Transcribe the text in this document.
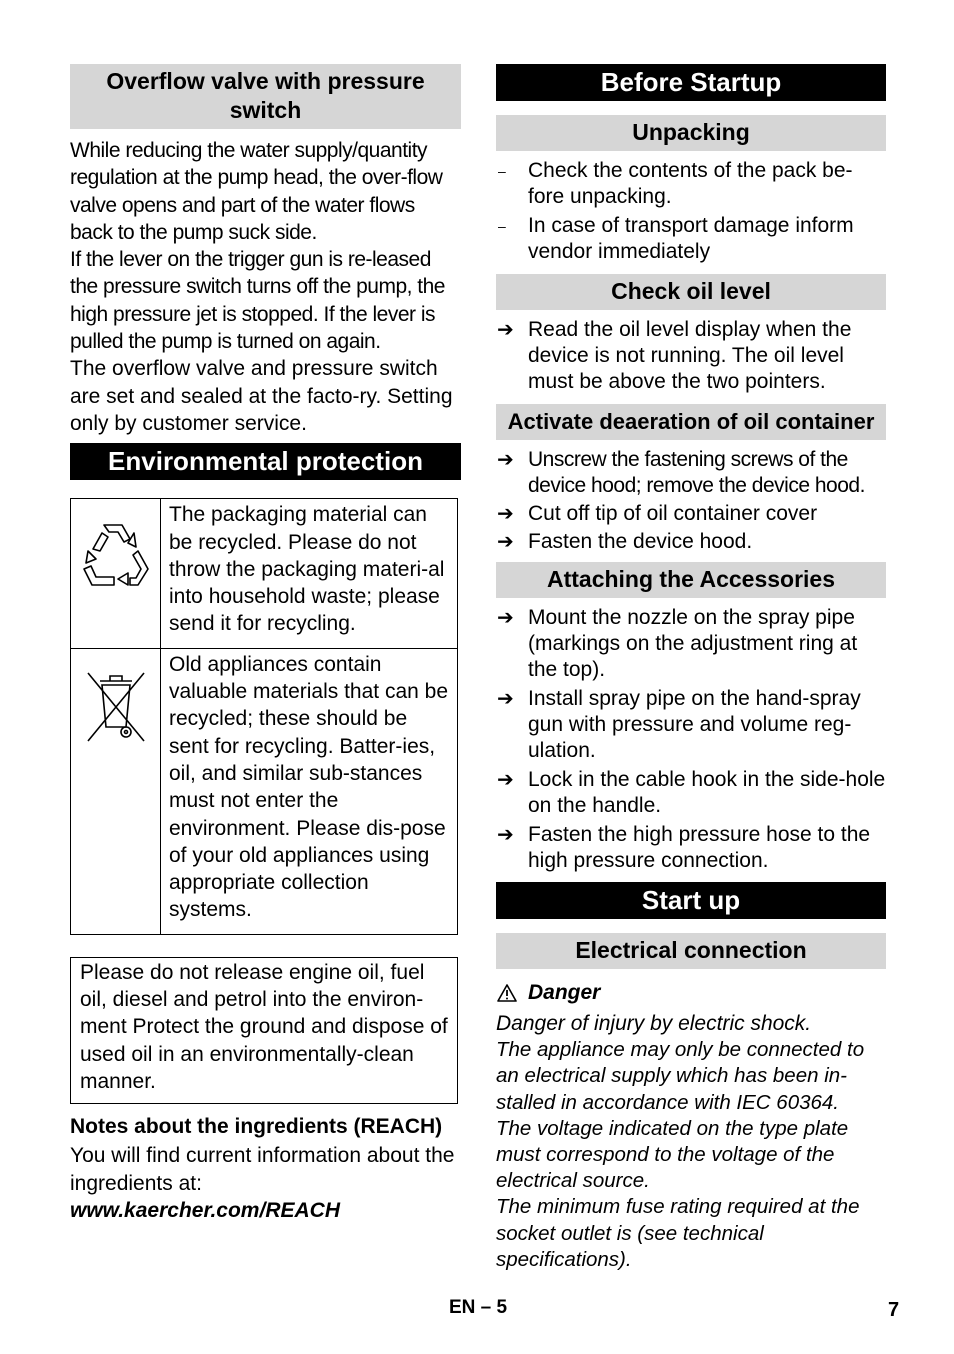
Overflow valve with pressure switch

While reducing the water supply/quantity regulation at the pump head, the over-flow valve opens and part of the water flows back to the pump suck side.

If the lever on the trigger gun is re-leased the pressure switch turns off the pump, the high pressure jet is stopped. If the lever is pulled the pump is turned on again.

The overflow valve and pressure switch are set and sealed at the facto-ry. Setting only by customer service.

Environmental protection
The packaging material can be recycled. Please do not throw the packaging materi-al into household waste; please send it for recycling.
Old appliances contain valuable materials that can be recycled; these should be sent for recycling. Batter-ies, oil, and similar sub-stances must not enter the environment. Please dis-pose of your old appliances using appropriate collection systems.
Please do not release engine oil, fuel oil, diesel and petrol into the environ-ment Protect the ground and dispose of used oil in an environmentally-clean manner.

Notes about the ingredients (REACH)

You will find current information about the ingredients at:

www.kaercher.com/REACH
Before Startup
Unpacking
– Check the contents of the pack be-fore unpacking.
– In case of transport damage inform vendor immediately
Check oil level
➔ Read the oil level display when the device is not running. The oil level must be above the two pointers.
Activate deaeration of oil container
➔ Unscrew the fastening screws of the device hood; remove the device hood.
➔ Cut off tip of oil container cover
➔ Fasten the device hood.
Attaching the Accessories
➔ Mount the nozzle on the spray pipe (markings on the adjustment ring at the top).
➔ Install spray pipe on the hand-spray gun with pressure and volume reg-ulation.
➔ Lock in the cable hook in the side-hole on the handle.
➔ Fasten the high pressure hose to the high pressure connection.
Start up
Electrical connection
Danger

Danger of injury by electric shock.

The appliance may only be connected to an electrical supply which has been in-stalled in accordance with IEC 60364.

The voltage indicated on the type plate must correspond to the voltage of the electrical source.

The minimum fuse rating required at the socket outlet is (see technical specifications).

EN – 5	7
